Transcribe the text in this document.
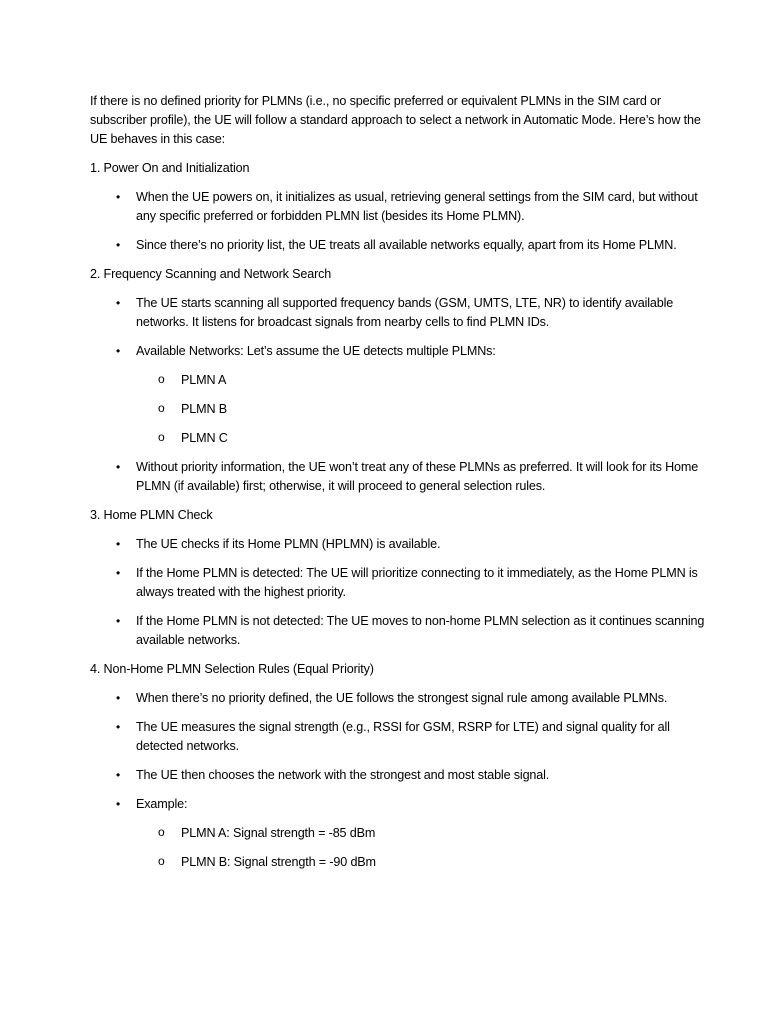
If there is no defined priority for PLMNs (i.e., no specific preferred or equivalent PLMNs in the SIM card or subscriber profile), the UE will follow a standard approach to select a network in Automatic Mode. Here’s how the UE behaves in this case:

1. Power On and Initialization

• When the UE powers on, it initializes as usual, retrieving general settings from the SIM card, but without any specific preferred or forbidden PLMN list (besides its Home PLMN).
• Since there’s no priority list, the UE treats all available networks equally, apart from its Home PLMN.

2. Frequency Scanning and Network Search

• The UE starts scanning all supported frequency bands (GSM, UMTS, LTE, NR) to identify available networks. It listens for broadcast signals from nearby cells to find PLMN IDs.
• Available Networks: Let’s assume the UE detects multiple PLMNs:
o PLMN A
o PLMN B
o PLMN C
• Without priority information, the UE won’t treat any of these PLMNs as preferred. It will look for its Home PLMN (if available) first; otherwise, it will proceed to general selection rules.

3. Home PLMN Check

• The UE checks if its Home PLMN (HPLMN) is available.
• If the Home PLMN is detected: The UE will prioritize connecting to it immediately, as the Home PLMN is always treated with the highest priority.
• If the Home PLMN is not detected: The UE moves to non-home PLMN selection as it continues scanning available networks.

4. Non-Home PLMN Selection Rules (Equal Priority)

• When there’s no priority defined, the UE follows the strongest signal rule among available PLMNs.
• The UE measures the signal strength (e.g., RSSI for GSM, RSRP for LTE) and signal quality for all detected networks.
• The UE then chooses the network with the strongest and most stable signal.
• Example:
o PLMN A: Signal strength = -85 dBm
o PLMN B: Signal strength = -90 dBm
